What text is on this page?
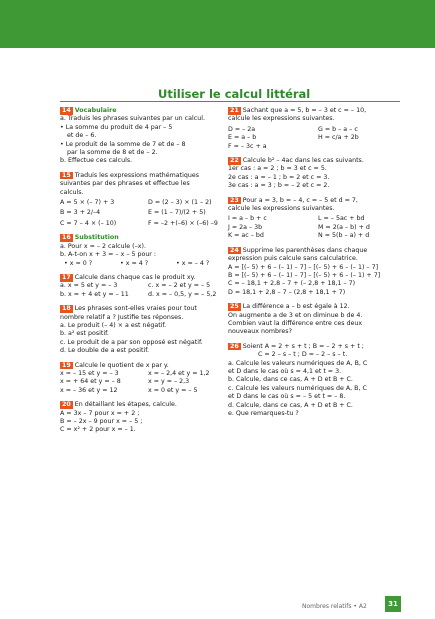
Utiliser le calcul littéral
14 Vocabulaire
a. Traduis les phrases suivantes par un calcul.
• La somme du produit de 4 par – 5
et de – 6.
• Le produit de la somme de 7 et de – 8
par la somme de 8 et de – 2.
b. Effectue ces calculs.
15 Traduis les expressions mathématiques
suivantes par des phrases et effectue les
calculs.
A = 5 × (– 7) + 3	D = (2 – 3) × (1 – 2)
B = 3 + 2/–4	E = (1 – 7)/(2 + 5)
C = 7 – 4 × (– 10)	F = –2 +(–6) × (–6) –9
16 Substitution
a. Pour x = – 2 calcule (–x).
b. A-t-on x + 3 = – x – 5 pour :
• x = 0 ?	• x = 4 ?	• x = – 4 ?
17 Calcule dans chaque cas le produit xy.
a. x = 5 et y = – 3	c. x = – 2 et y = – 5
b. x = + 4 et y = – 11	d. x = – 0,5, y = – 5,2
18 Les phrases sont-elles vraies pour tout
nombre relatif a ? Justifie tes réponses.
a. Le produit (– 4) × a est négatif.
b. a² est positif.
c. Le produit de a par son opposé est négatif.
d. Le double de a est positif.
19 Calcule le quotient de x par y.
x = – 15 et y = – 3	x = – 2,4 et y = 1,2
x = + 64 et y = – 8	x = y = – 2,3
x = – 36 et y = 12	x = 0 et y = – 5
20 En détaillant les étapes, calcule.
A = 3x – 7 pour x = + 2 ;
B = – 2x – 9 pour x = – 5 ;
C = x² + 2 pour x = – 1.
21 Sachant que a = 5, b = – 3 et c = – 10,
calcule les expressions suivantes.
D = – 2a	G = b – a – c
E = a – b	H = c/a + 2b
F = – 3c + a
22 Calcule b² – 4ac dans les cas suivants.
1er cas : a = 2 ; b = 3 et c = 5.
2e cas : a = – 1 ; b = 2 et c = 3.
3e cas : a = 3 ; b = – 2 et c = 2.
23 Pour a = 3, b = – 4, c = – 5 et d = 7,
calcule les expressions suivantes.
I = a – b + c	L = – 5ac + bd
J = 2a – 3b	M = 2(a – b) + d
K = ac – bd	N = 5(b – a) + d
24 Supprime les parenthèses dans chaque
expression puis calcule sans calculatrice.
A = [(– 5) + 6 – (– 1) – 7] – [(– 5) + 6 – (– 1) – 7]
B = [(– 5) + 6 – (– 1) – 7] – [(– 5) + 6 – (– 1) + 7]
C = – 18,1 + 2,8 – 7 + (– 2,8 + 18,1 – 7)
D = 18,1 + 2,8 – 7 – (2,8 + 18,1 + 7)
25 La différence a – b est égale à 12.
On augmente a de 3 et on diminue b de 4.
Combien vaut la différence entre ces deux
nouveaux nombres?
26 Soient A = 2 + s + t ; B = – 2 + s + t ;
C = 2 – s – t ; D = – 2 – s – t.
a. Calcule les valeurs numériques de A, B, C
et D dans le cas où s = 4,1 et t = 3.
b. Calcule, dans ce cas, A + D et B + C.
c. Calcule les valeurs numériques de A, B, C
et D dans le cas où s = – 5 et t = – 8.
d. Calcule, dans ce cas, A + D et B + C.
e. Que remarques-tu ?
Nombres relatifs • A2	31
